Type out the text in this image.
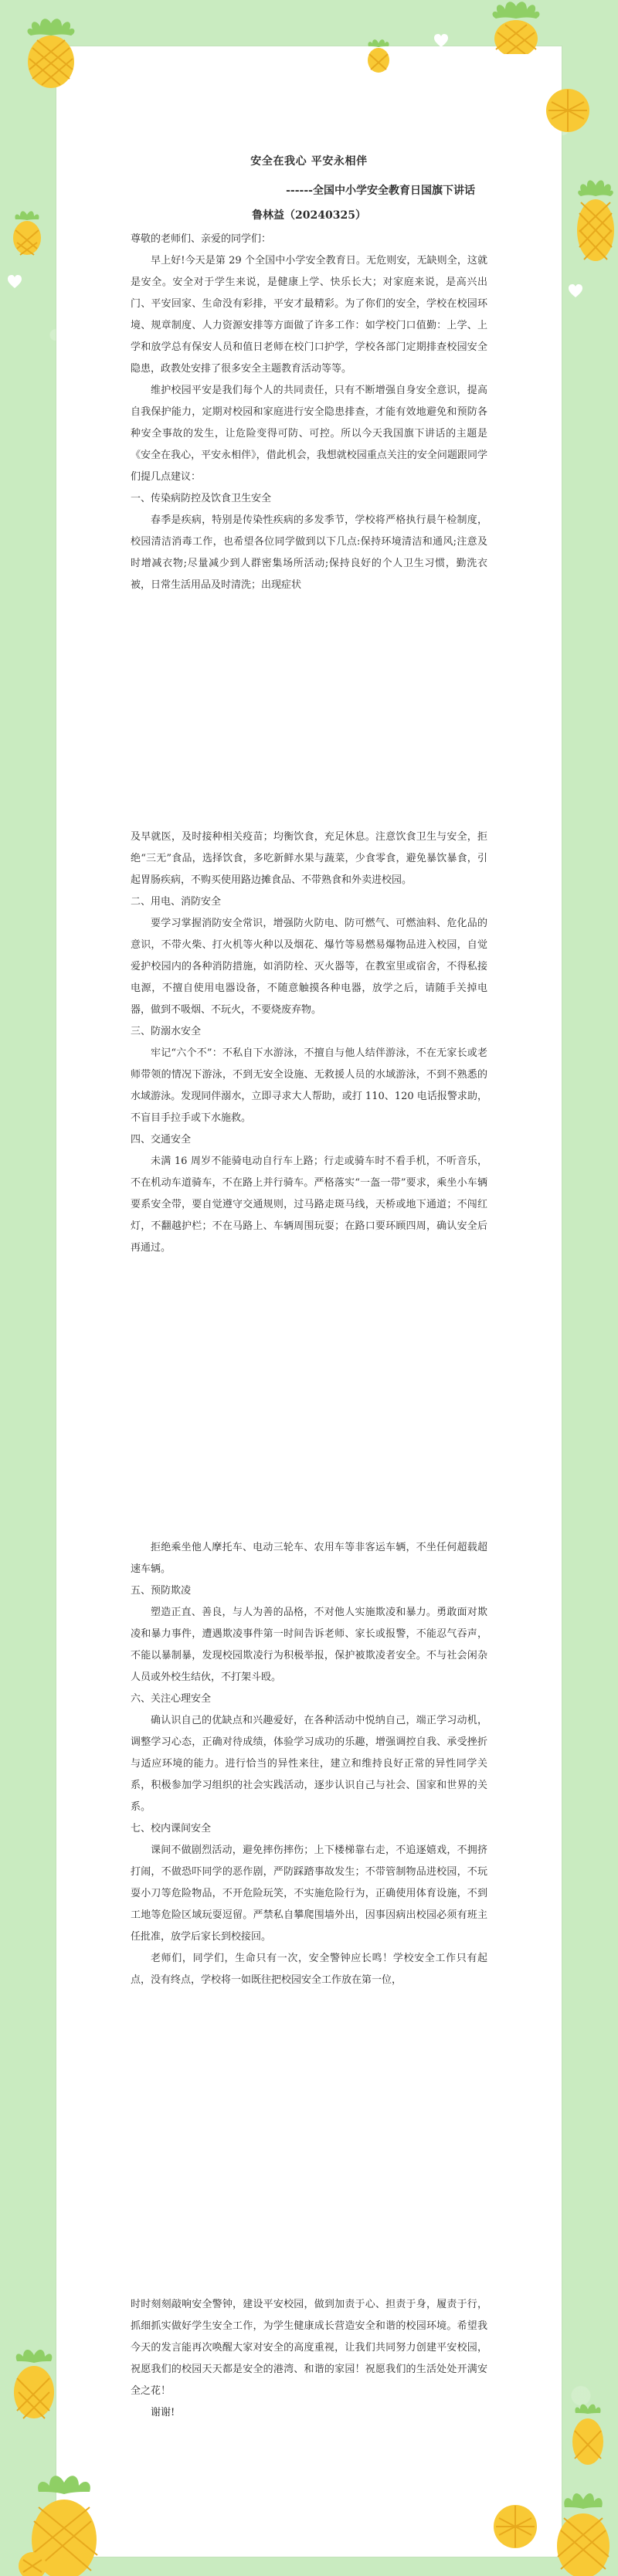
安全在我心 平安永相伴
------全国中小学安全教育日国旗下讲话
鲁林益（20240325）

尊敬的老师们、亲爱的同学们：

早上好!今天是第 29 个全国中小学安全教育日。无危则安，无缺则全，这就是安全。安全对于学生来说，是健康上学、快乐长大；对家庭来说，是高兴出门、平安回家、生命没有彩排，平安才最精彩。为了你们的安全，学校在校园环境、规章制度、人力资源安排等方面做了许多工作：如学校门口值勤：上学、上学和放学总有保安人员和值日老师在校门口护学，学校各部门定期排查校园安全隐患，政教处安排了很多安全主题教育活动等等。

维护校园平安是我们每个人的共同责任，只有不断增强自身安全意识，提高自我保护能力，定期对校园和家庭进行安全隐患排查，才能有效地避免和预防各种安全事故的发生，让危险变得可防、可控。所以今天我国旗下讲话的主题是《安全在我心，平安永相伴》，借此机会，我想就校园重点关注的安全问题跟同学们提几点建议：

一、传染病防控及饮食卫生安全

春季是疾病，特别是传染性疾病的多发季节，学校将严格执行晨午检制度，校园清洁消毒工作，也希望各位同学做到以下几点:保持环境清洁和通风;注意及时增减衣物;尽量减少到人群密集场所活动;保持良好的个人卫生习惯，勤洗衣被，日常生活用品及时清洗；出现症状

及早就医，及时接种相关疫苗；均衡饮食，充足休息。注意饮食卫生与安全，拒绝“三无”食品，选择饮食，多吃新鲜水果与蔬菜，少食零食，避免暴饮暴食，引起胃肠疾病，不购买使用路边摊食品、不带熟食和外卖进校园。

二、用电、消防安全

要学习掌握消防安全常识，增强防火防电、防可燃气、可燃油料、危化品的意识，不带火柴、打火机等火种以及烟花、爆竹等易燃易爆物品进入校园，自觉爱护校园内的各种消防措施，如消防栓、灭火器等，在教室里或宿舍，不得私接电源，不擅自使用电器设备，不随意触摸各种电器，放学之后，请随手关掉电器，做到不吸烟、不玩火，不要烧废弃物。

三、防溺水安全

牢记“六个不”：不私自下水游泳，不擅自与他人结伴游泳，不在无家长或老师带领的情况下游泳，不到无安全设施、无救援人员的水域游泳，不到不熟悉的水域游泳。发现同伴溺水，立即寻求大人帮助，或打 110、120 电话报警求助，不盲目手拉手或下水施救。

四、交通安全

未满 16 周岁不能骑电动自行车上路；行走或骑车时不看手机，不听音乐，不在机动车道骑车，不在路上并行骑车。严格落实“一盔一带”要求，乘坐小车辆要系安全带，要自觉遵守交通规则，过马路走斑马线，天桥或地下通道；不闯红灯，不翻越护栏；不在马路上、车辆周围玩耍；在路口要环顾四周，确认安全后再通过。

拒绝乘坐他人摩托车、电动三轮车、农用车等非客运车辆，不坐任何超载超速车辆。

五、预防欺凌

塑造正直、善良，与人为善的品格，不对他人实施欺凌和暴力。勇敢面对欺凌和暴力事件，遭遇欺凌事件第一时间告诉老师、家长或报警，不能忍气吞声，不能以暴制暴，发现校园欺凌行为积极举报，保护被欺凌者安全。不与社会闲杂人员或外校生结伙，不打架斗殴。

六、关注心理安全

确认识自己的优缺点和兴趣爱好，在各种活动中悦纳自己，端正学习动机，调整学习心态，正确对待成绩，体验学习成功的乐趣，增强调控自我、承受挫折与适应环境的能力。进行恰当的异性来往，建立和维持良好正常的异性同学关系，积极参加学习组织的社会实践活动，逐步认识自己与社会、国家和世界的关系。

七、校内课间安全

课间不做剧烈活动，避免摔伤摔伤；上下楼梯靠右走，不追逐嬉戏，不拥挤打闹，不做恐吓同学的恶作剧，严防踩踏事故发生；不带管制物品进校园，不玩耍小刀等危险物品，不开危险玩笑，不实施危险行为，正确使用体育设施，不到工地等危险区域玩耍逗留。严禁私自攀爬围墙外出，因事因病出校园必须有班主任批准，放学后家长到校接回。

老师们，同学们，生命只有一次，安全警钟应长鸣！学校安全工作只有起点，没有终点，学校将一如既往把校园安全工作放在第一位，

时时刻刻敲响安全警钟，建设平安校园，做到加责于心、担责于身，履责于行，抓细抓实做好学生安全工作，为学生健康成长营造安全和谐的校园环境。希望我今天的发言能再次唤醒大家对安全的高度重视，让我们共同努力创建平安校园，祝愿我们的校园天天都是安全的港湾、和谐的家园！祝愿我们的生活处处开满安全之花！

谢谢!
